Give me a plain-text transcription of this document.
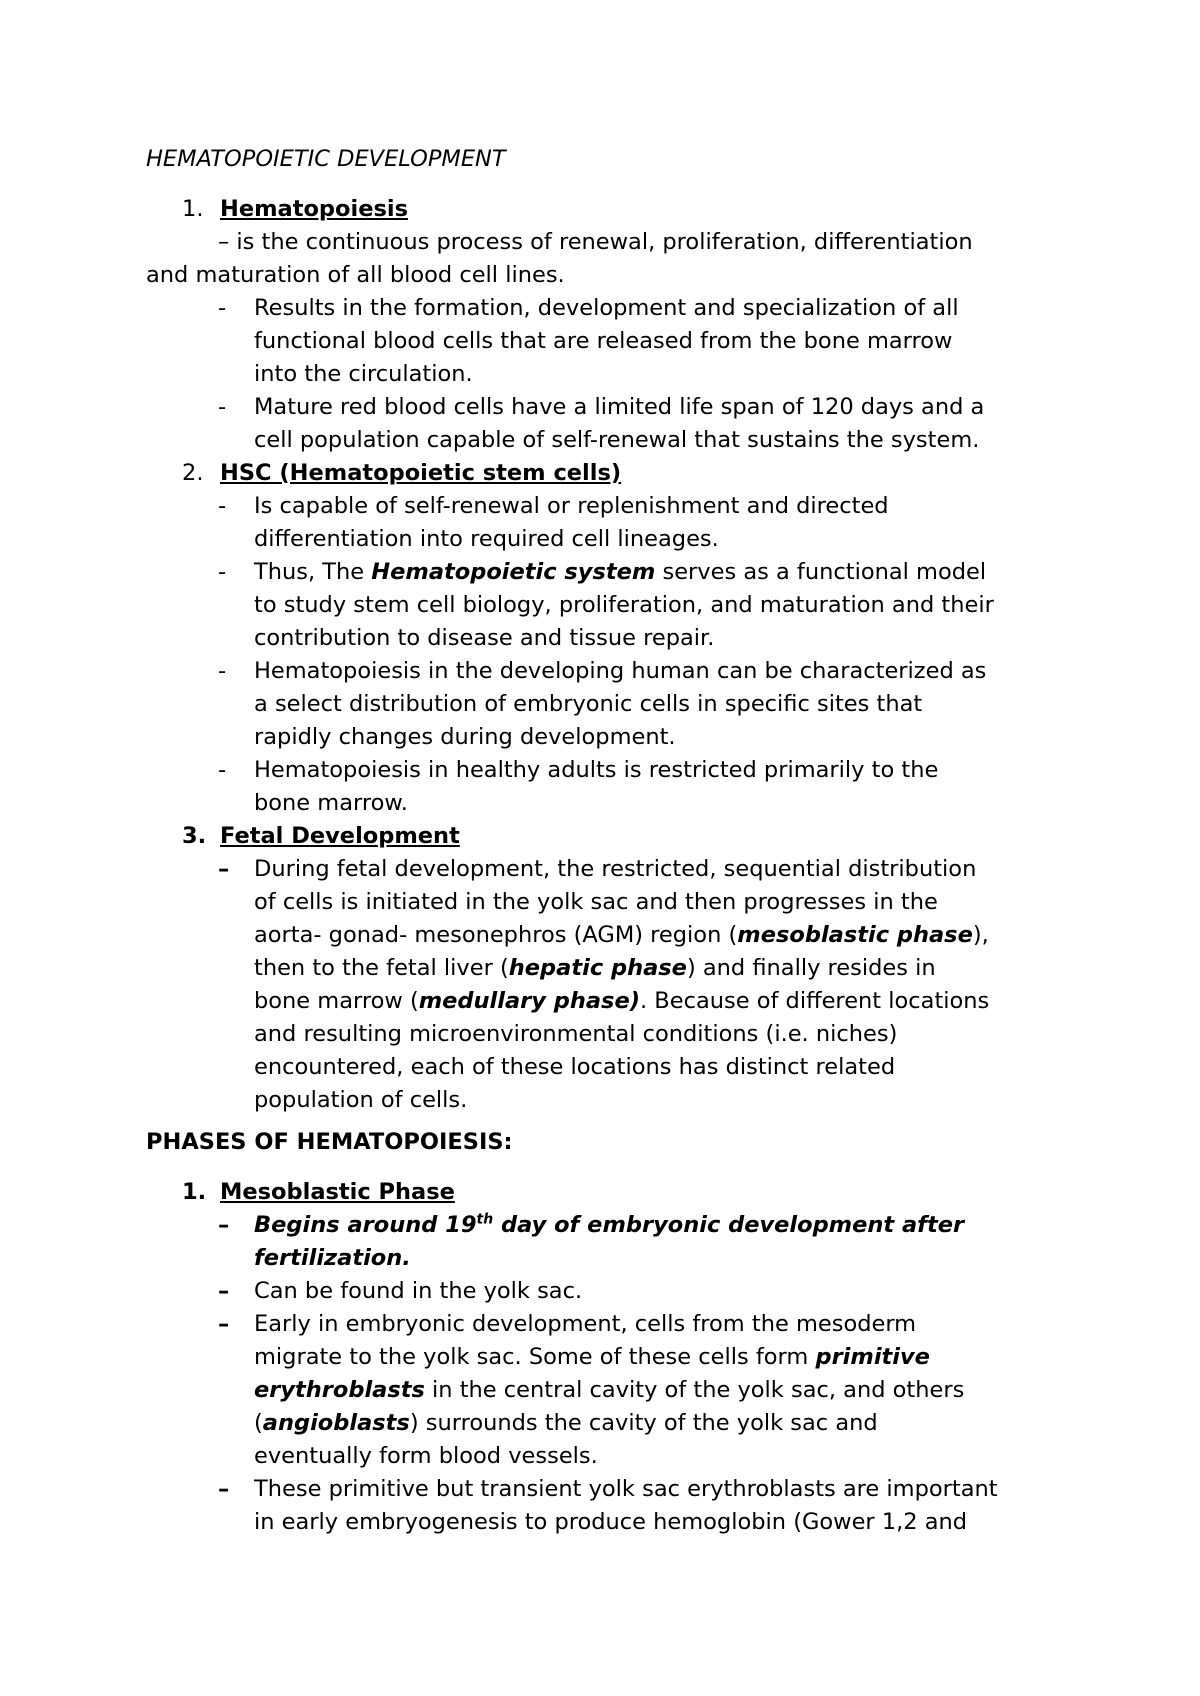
HEMATOPOIETIC DEVELOPMENT
1. Hematopoiesis
– is the continuous process of renewal, proliferation, differentiation
and maturation of all blood cell lines.
- Results in the formation, development and specialization of all
functional blood cells that are released from the bone marrow
into the circulation.
- Mature red blood cells have a limited life span of 120 days and a
cell population capable of self-renewal that sustains the system.
2. HSC (Hematopoietic stem cells)
- Is capable of self-renewal or replenishment and directed
differentiation into required cell lineages.
- Thus, The Hematopoietic system serves as a functional model
to study stem cell biology, proliferation, and maturation and their
contribution to disease and tissue repair.
- Hematopoiesis in the developing human can be characterized as
a select distribution of embryonic cells in specific sites that
rapidly changes during development.
- Hematopoiesis in healthy adults is restricted primarily to the
bone marrow.
3. Fetal Development
– During fetal development, the restricted, sequential distribution
of cells is initiated in the yolk sac and then progresses in the
aorta- gonad- mesonephros (AGM) region (mesoblastic phase),
then to the fetal liver (hepatic phase) and finally resides in
bone marrow (medullary phase). Because of different locations
and resulting microenvironmental conditions (i.e. niches)
encountered, each of these locations has distinct related
population of cells.
PHASES OF HEMATOPOIESIS:
1. Mesoblastic Phase
– Begins around 19th day of embryonic development after
fertilization.
– Can be found in the yolk sac.
– Early in embryonic development, cells from the mesoderm
migrate to the yolk sac. Some of these cells form primitive
erythroblasts in the central cavity of the yolk sac, and others
(angioblasts) surrounds the cavity of the yolk sac and
eventually form blood vessels.
– These primitive but transient yolk sac erythroblasts are important
in early embryogenesis to produce hemoglobin (Gower 1,2 and
